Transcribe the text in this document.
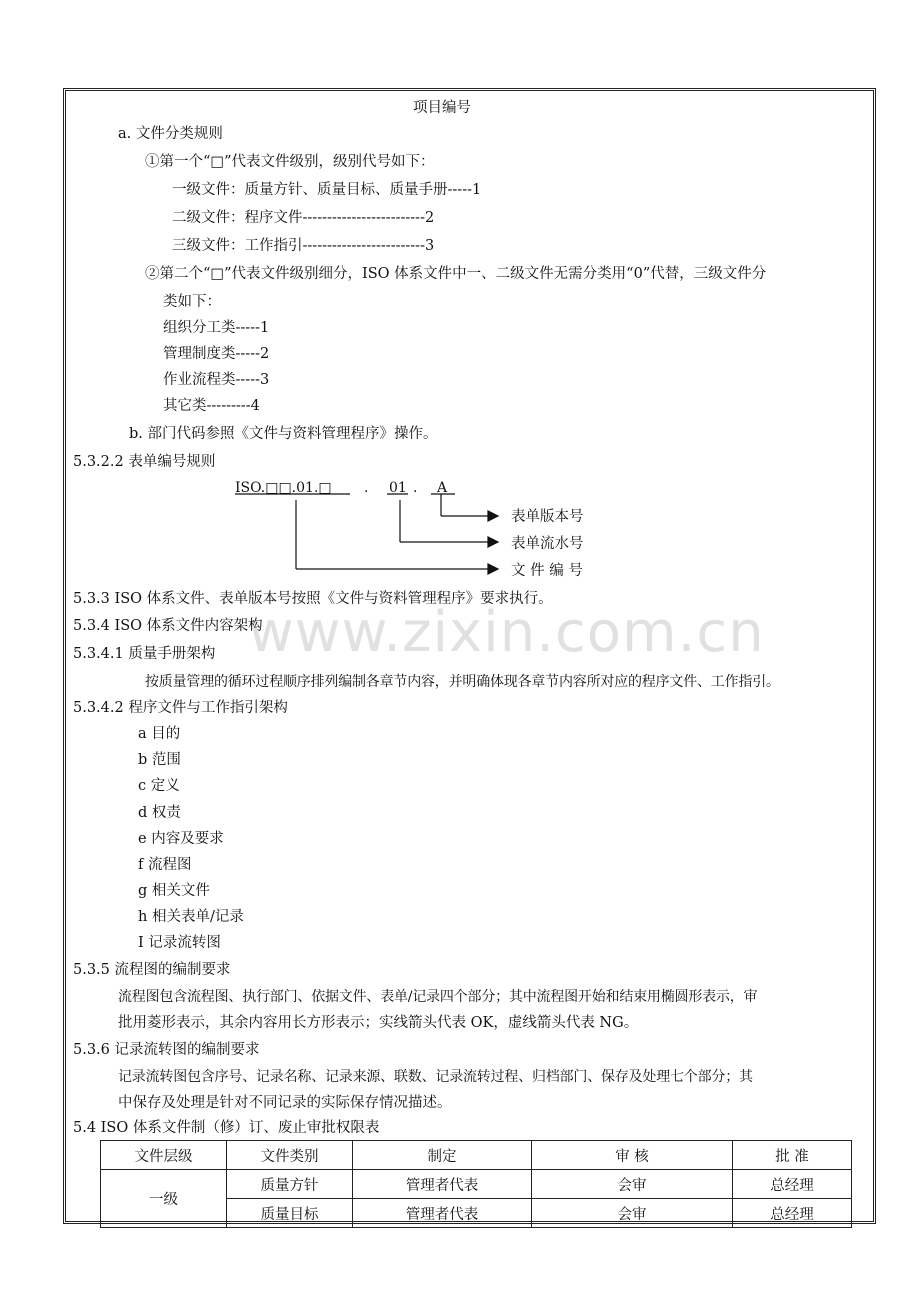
www.zixin.com.cn
项目编号
a. 文件分类规则
①第一个“□”代表文件级别，级别代号如下：
一级文件：质量方针、质量目标、质量手册-----1
二级文件：程序文件-------------------------2
三级文件：工作指引-------------------------3
②第二个“□”代表文件级别细分，ISO 体系文件中一、二级文件无需分类用“0”代替，三级文件分
类如下：
组织分工类-----1
管理制度类-----2
作业流程类-----3
其它类---------4
b. 部门代码参照《文件与资料管理程序》操作。
5.3.2.2 表单编号规则
ISO.□□.01.□ . 01 . A
表单版本号
表单流水号
文 件 编 号
5.3.3 ISO 体系文件、表单版本号按照《文件与资料管理程序》要求执行。
5.3.4 ISO 体系文件内容架构
5.3.4.1 质量手册架构
按质量管理的循环过程顺序排列编制各章节内容，并明确体现各章节内容所对应的程序文件、工作指引。
5.3.4.2 程序文件与工作指引架构
a 目的
b 范围
c 定义
d 权责
e 内容及要求
f 流程图
g 相关文件
h 相关表单/记录
I 记录流转图
5.3.5 流程图的编制要求
流程图包含流程图、执行部门、依据文件、表单/记录四个部分；其中流程图开始和结束用椭圆形表示，审
批用菱形表示，其余内容用长方形表示；实线箭头代表 OK，虚线箭头代表 NG。
5.3.6 记录流转图的编制要求
记录流转图包含序号、记录名称、记录来源、联数、记录流转过程、归档部门、保存及处理七个部分；其
中保存及处理是针对不同记录的实际保存情况描述。
5.4 ISO 体系文件制（修）订、废止审批权限表
文件层级	文件类别	制定	审 核	批 准
一级	质量方针	管理者代表	会审	总经理
	质量目标	管理者代表	会审	总经理
